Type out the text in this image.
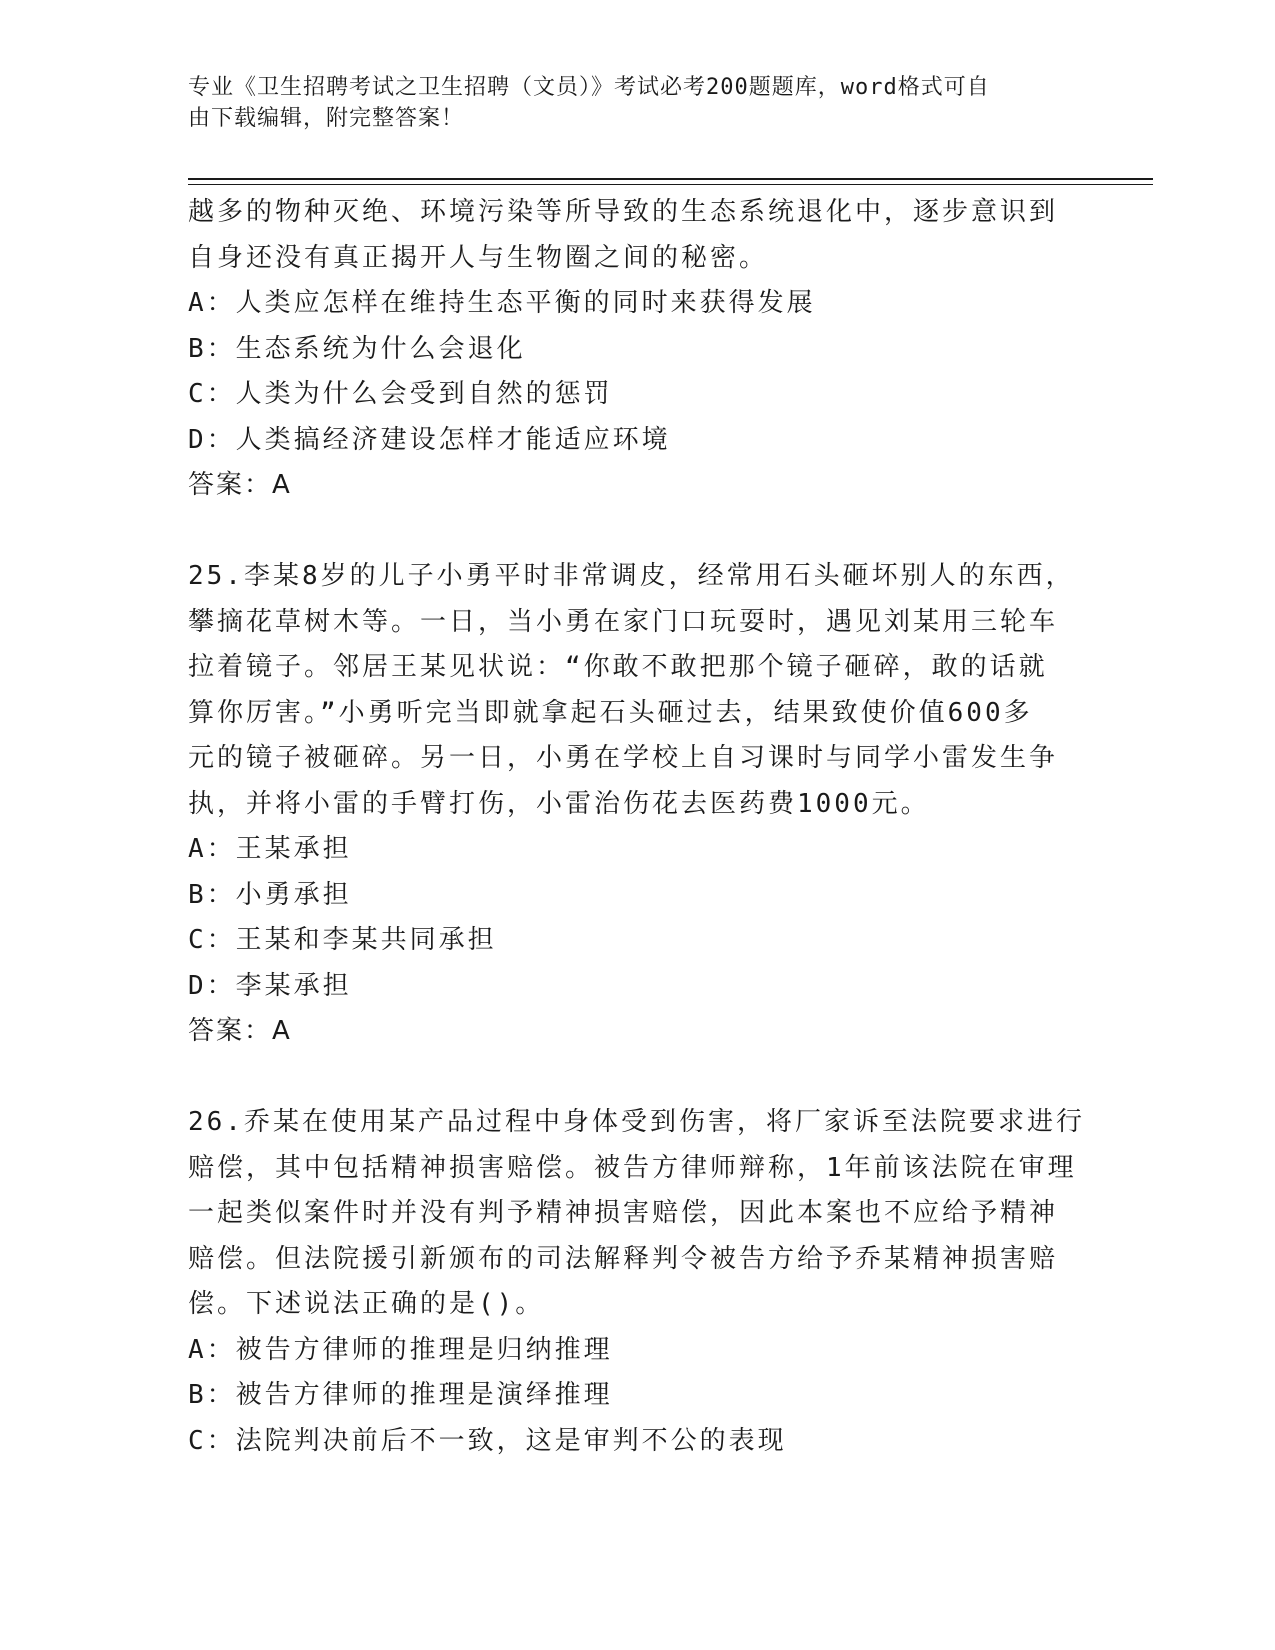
专业《卫生招聘考试之卫生招聘（文员）》考试必考200题题库，word格式可自
由下载编辑，附完整答案！

越多的物种灭绝、环境污染等所导致的生态系统退化中，逐步意识到

自身还没有真正揭开人与生物圈之间的秘密。

A：人类应怎样在维持生态平衡的同时来获得发展

B：生态系统为什么会退化

C：人类为什么会受到自然的惩罚

D：人类搞经济建设怎样才能适应环境

答案：A

25.李某8岁的儿子小勇平时非常调皮，经常用石头砸坏别人的东西，

攀摘花草树木等。一日，当小勇在家门口玩耍时，遇见刘某用三轮车

拉着镜子。邻居王某见状说：“你敢不敢把那个镜子砸碎，敢的话就

算你厉害。”小勇听完当即就拿起石头砸过去，结果致使价值600多

元的镜子被砸碎。另一日，小勇在学校上自习课时与同学小雷发生争

执，并将小雷的手臂打伤，小雷治伤花去医药费1000元。

A：王某承担

B：小勇承担

C：王某和李某共同承担

D：李某承担

答案：A

26.乔某在使用某产品过程中身体受到伤害，将厂家诉至法院要求进行

赔偿，其中包括精神损害赔偿。被告方律师辩称，1年前该法院在审理

一起类似案件时并没有判予精神损害赔偿，因此本案也不应给予精神

赔偿。但法院援引新颁布的司法解释判令被告方给予乔某精神损害赔

偿。下述说法正确的是()。

A：被告方律师的推理是归纳推理

B：被告方律师的推理是演绎推理

C：法院判决前后不一致，这是审判不公的表现
